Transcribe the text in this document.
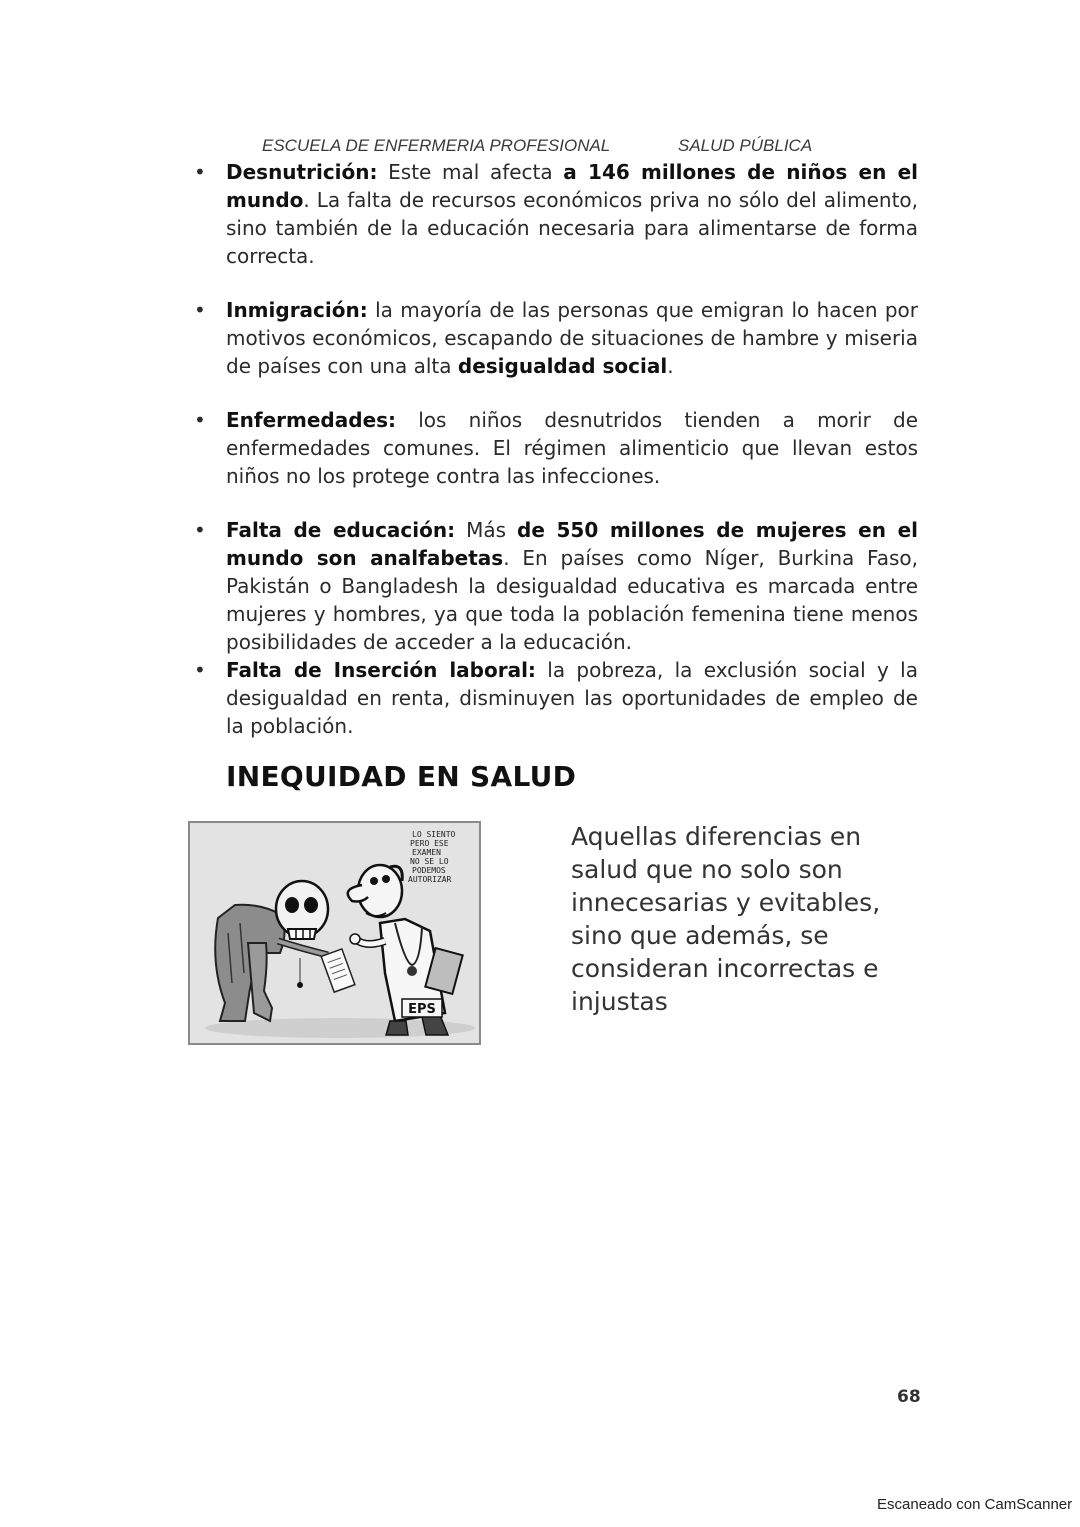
ESCUELA DE ENFERMERIA PROFESIONAL	SALUD PÚBLICA
• Desnutrición: Este mal afecta a 146 millones de niños en el mundo. La falta de recursos económicos priva no sólo del alimento, sino también de la educación necesaria para alimentarse de forma correcta.
• Inmigración: la mayoría de las personas que emigran lo hacen por motivos económicos, escapando de situaciones de hambre y miseria de países con una alta desigualdad social.
• Enfermedades: los niños desnutridos tienden a morir de enfermedades comunes. El régimen alimenticio que llevan estos niños no los protege contra las infecciones.
• Falta de educación: Más de 550 millones de mujeres en el mundo son analfabetas. En países como Níger, Burkina Faso, Pakistán o Bangladesh la desigualdad educativa es marcada entre mujeres y hombres, ya que toda la población femenina tiene menos posibilidades de acceder a la educación.
• Falta de Inserción laboral: la pobreza, la exclusión social y la desigualdad en renta, disminuyen las oportunidades de empleo de la población.
INEQUIDAD EN SALUD
EPS
LO SIENTO
PERO ESE
EXAMEN
NO SE LO
PODEMOS
AUTORIZAR
Aquellas diferencias en salud que no solo son innecesarias y evitables, sino que además, se consideran incorrectas e injustas
68
Escaneado con CamScanner
